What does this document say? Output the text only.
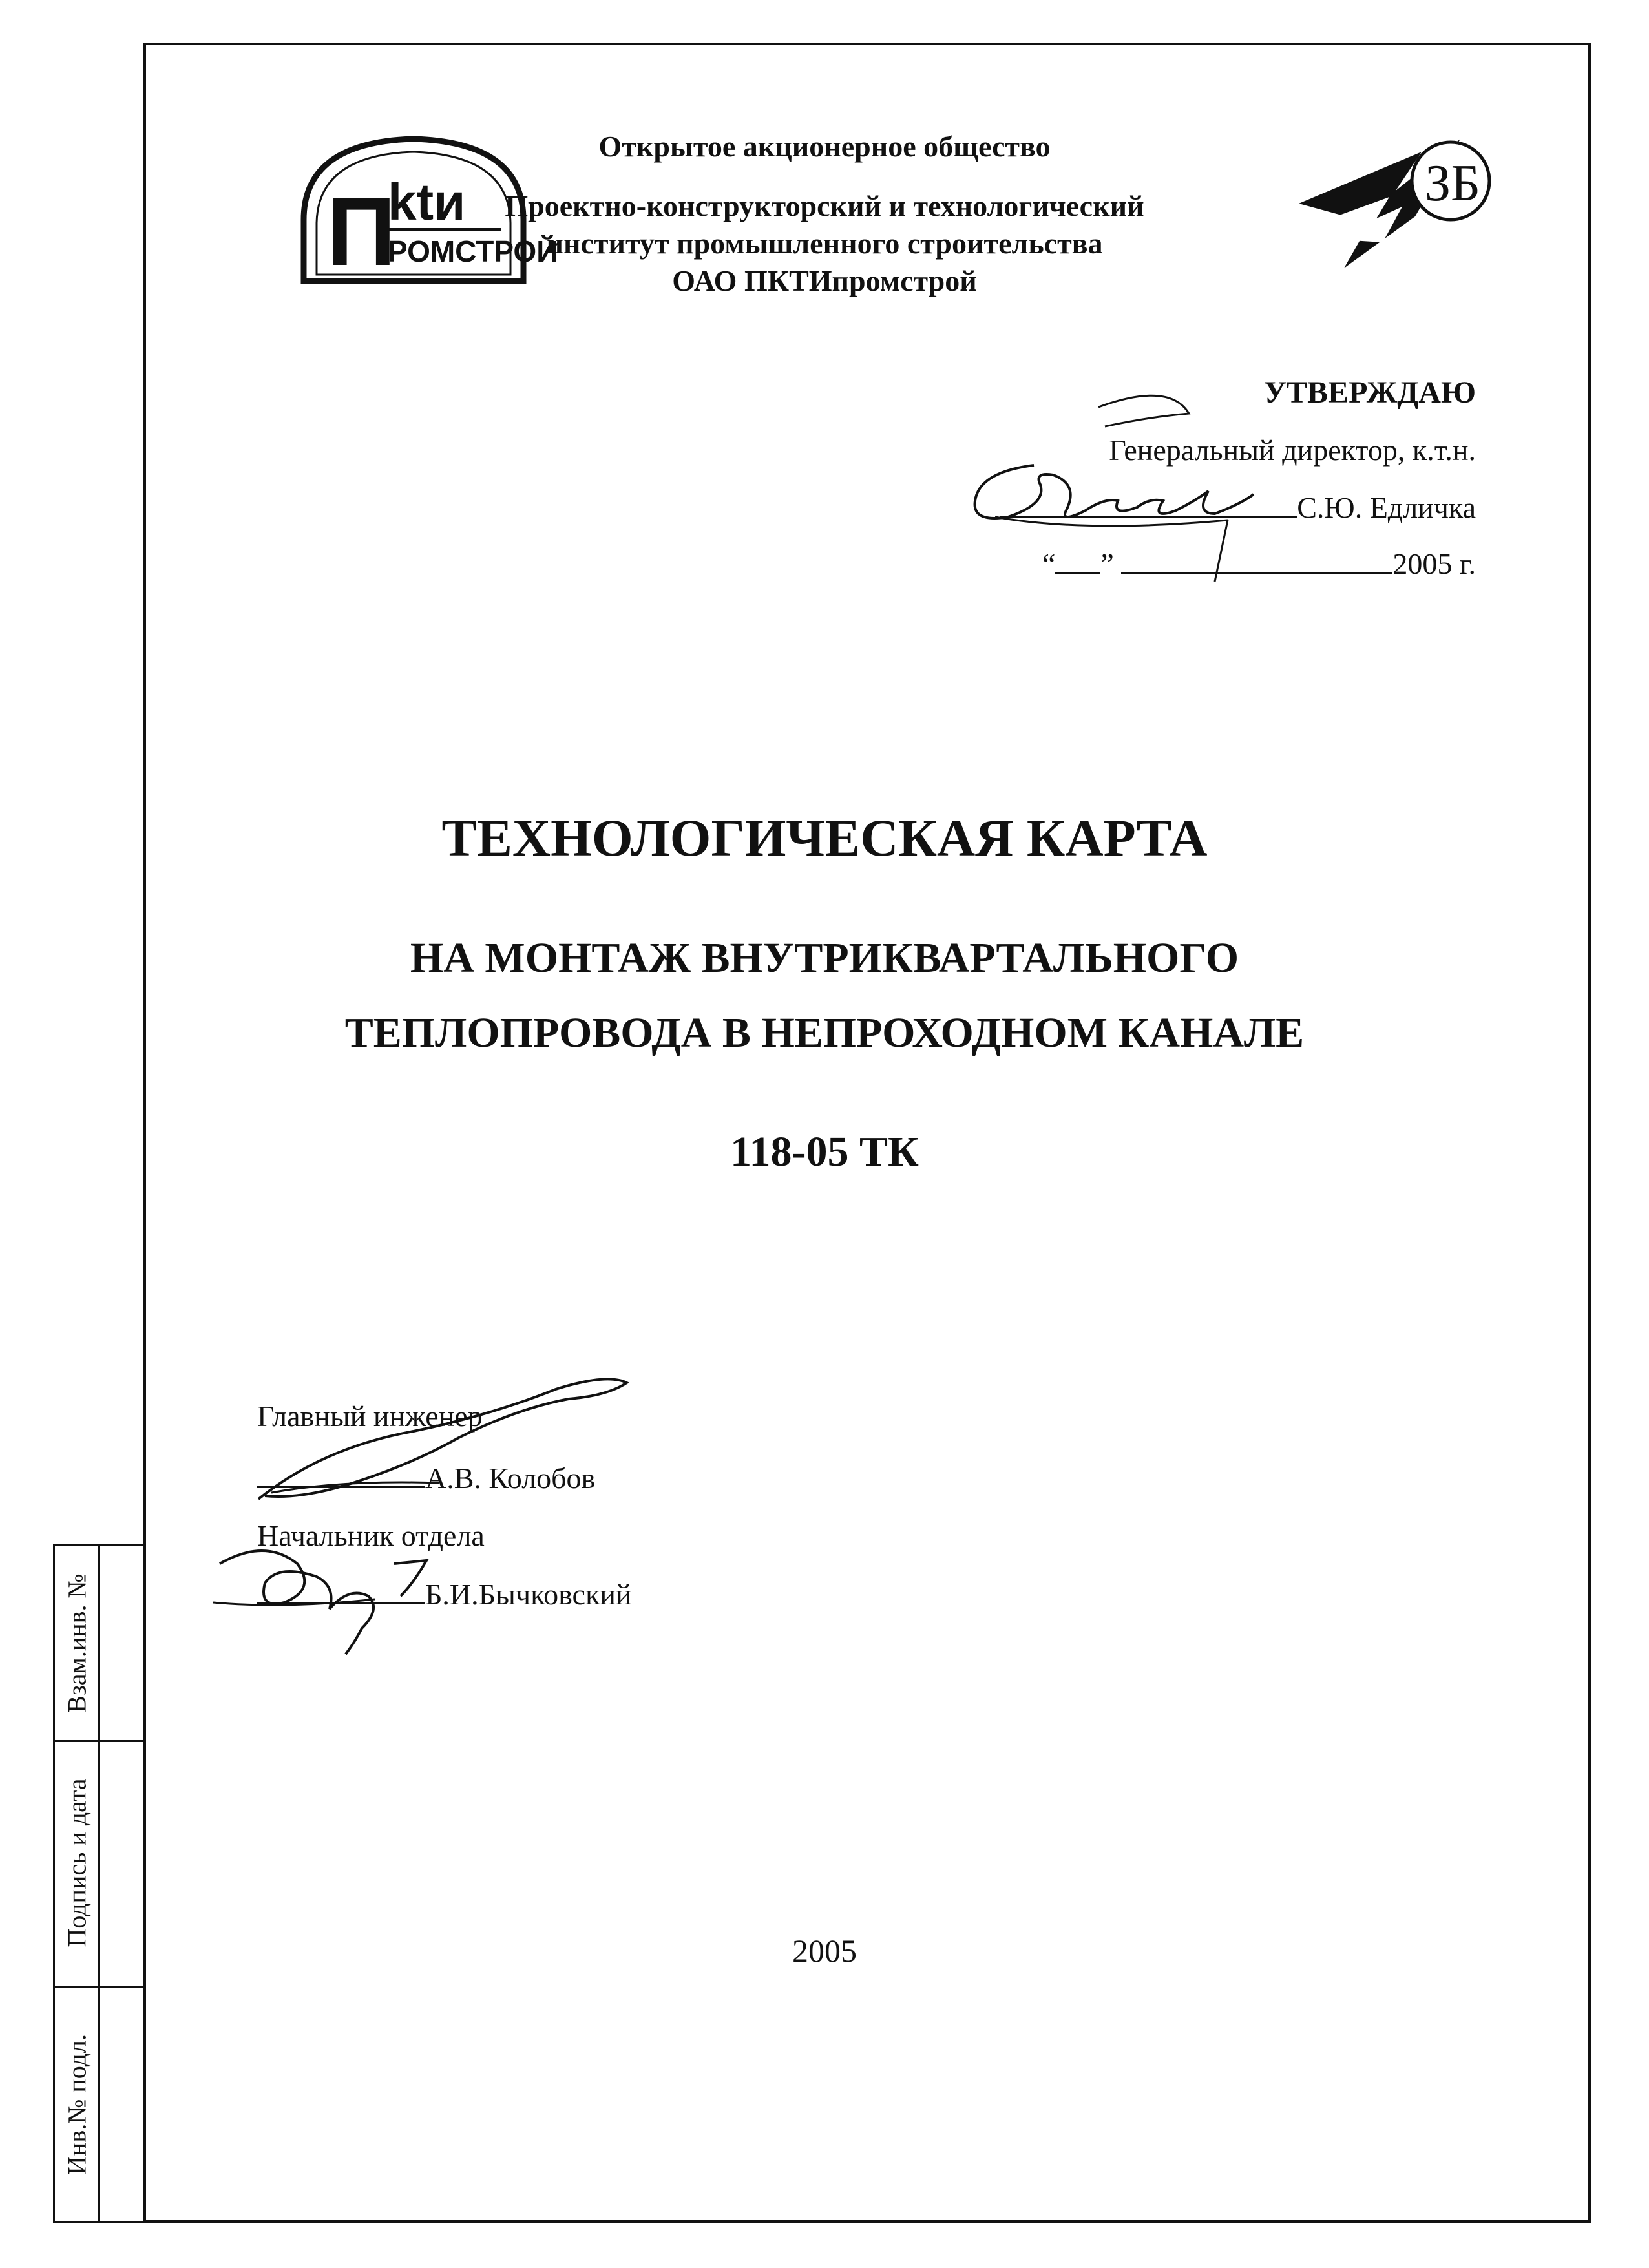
Взам.инв. №
Подпись и дата
Инв.№ подл.
П
ktи
РОМСТРОЙ
ЗБ
Открытое акционерное общество
Проектно-конструкторский и технологический
институт промышленного строительства
ОАО ПКТИпромстрой
УТВЕРЖДАЮ
Генеральный директор, к.т.н.
С.Ю. Едличка
“ ”	2005 г.
ТЕХНОЛОГИЧЕСКАЯ КАРТА
НА МОНТАЖ ВНУТРИКВАРТАЛЬНОГО
ТЕПЛОПРОВОДА В НЕПРОХОДНОМ КАНАЛЕ
118-05 ТК
Главный инженер
А.В. Колобов
Начальник отдела
Б.И.Бычковский
2005
